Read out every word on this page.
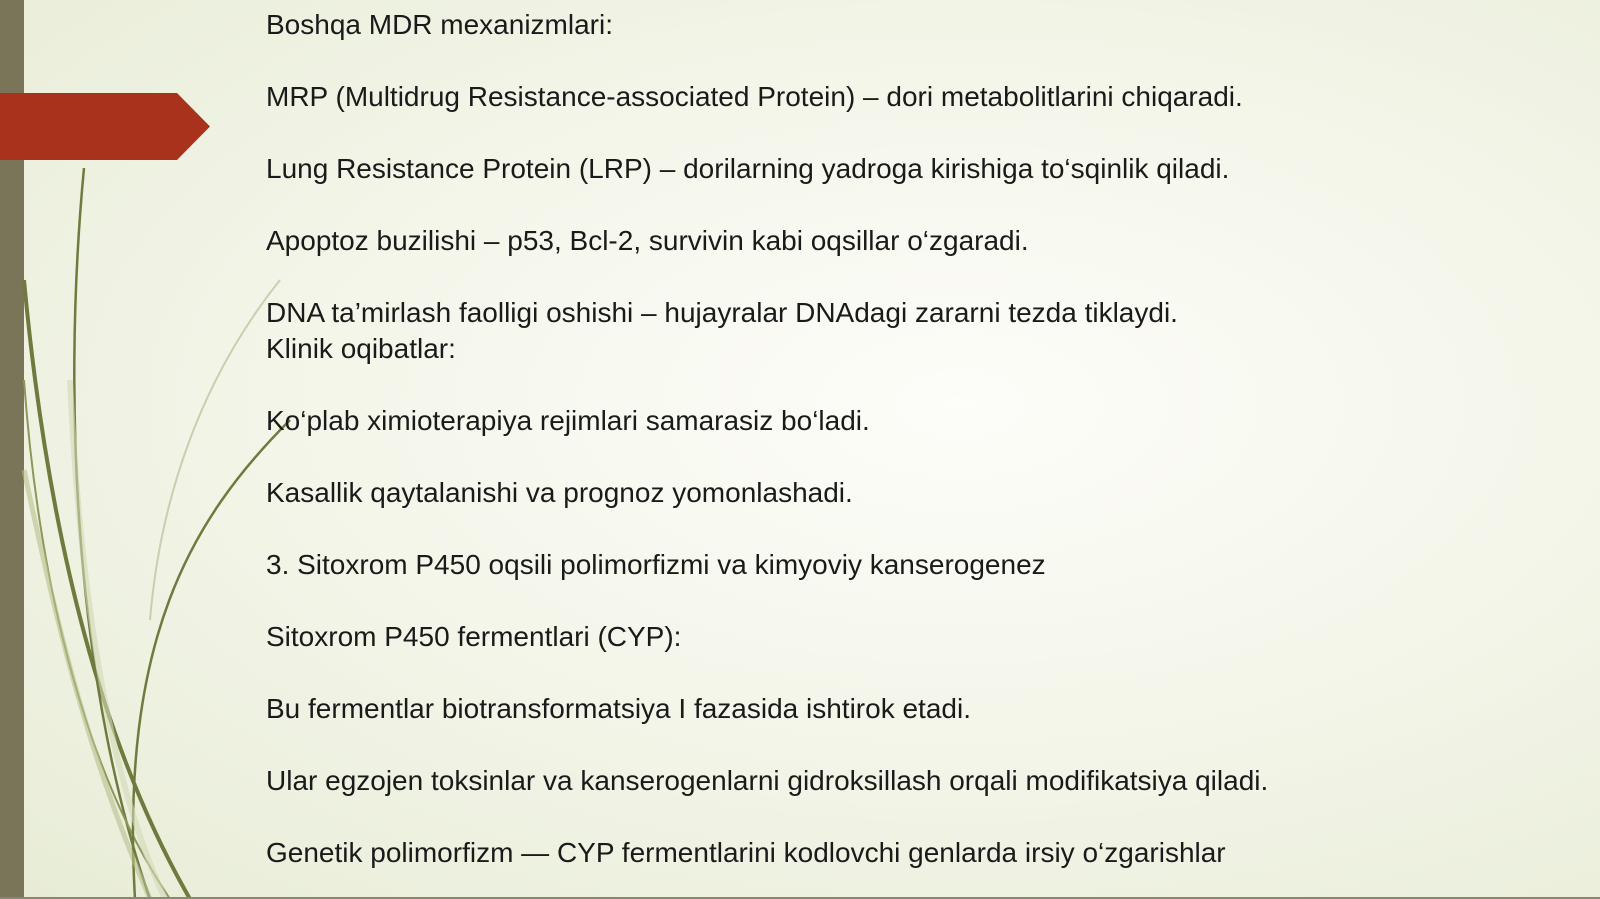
Boshqa MDR mexanizmlari:
MRP (Multidrug Resistance-associated Protein) – dori metabolitlarini chiqaradi.
Lung Resistance Protein (LRP) – dorilarning yadroga kirishiga to‘sqinlik qiladi.
Apoptoz buzilishi – p53, Bcl-2, survivin kabi oqsillar o‘zgaradi.
DNA ta’mirlash faolligi oshishi – hujayralar DNAdagi zararni tezda tiklaydi.
Klinik oqibatlar:
Ko‘plab ximioterapiya rejimlari samarasiz bo‘ladi.
Kasallik qaytalanishi va prognoz yomonlashadi.
3. Sitoxrom P450 oqsili polimorfizmi va kimyoviy kanserogenez
Sitoxrom P450 fermentlari (CYP):
Bu fermentlar biotransformatsiya I fazasida ishtirok etadi.
Ular egzojen toksinlar va kanserogenlarni gidroksillash orqali modifikatsiya qiladi.
Genetik polimorfizm — CYP fermentlarini kodlovchi genlarda irsiy o‘zgarishlar
